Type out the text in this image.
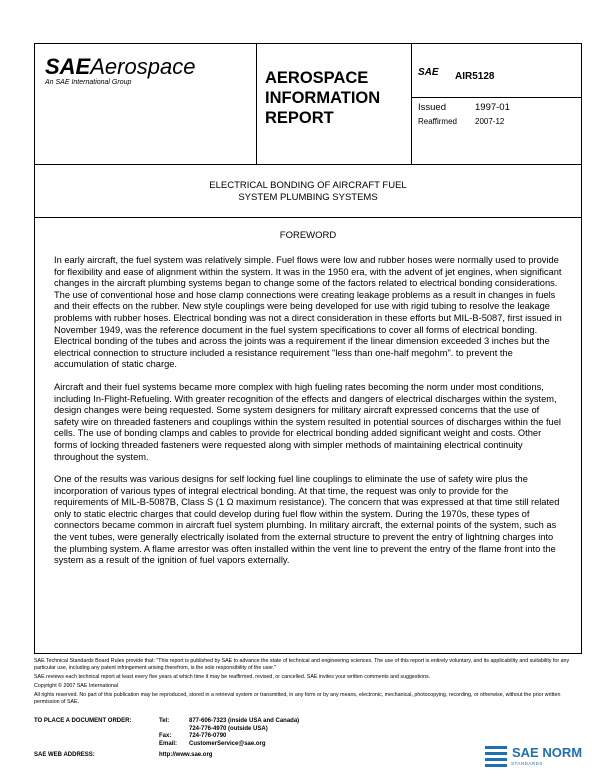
SAEAerospace
An SAE International Group	AEROSPACE
INFORMATION
REPORT
SAE AIR5128
Issued	1997-01
Reaffirmed 2007-12
ELECTRICAL BONDING OF AIRCRAFT FUEL
SYSTEM PLUMBING SYSTEMS
FOREWORD

In early aircraft, the fuel system was relatively simple. Fuel flows were low and rubber hoses were normally used to provide for flexibility and ease of alignment within the system. It was in the 1950 era, with the advent of jet engines, when significant changes in the aircraft plumbing systems began to change some of the factors related to electrical bonding considerations. The use of conventional hose and hose clamp connections were creating leakage problems as a result in changes in fuels and their effects on the rubber. New style couplings were being developed for use with rigid tubing to resolve the leakage problems with rubber hoses. Electrical bonding was not a direct consideration in these efforts but MIL-B-5087, first issued in November 1949, was the reference document in the fuel system specifications to cover all forms of electrical bonding. Electrical bonding of the tubes and across the joints was a requirement if the linear dimension exceeded 3 inches but the electrical connection to structure included a resistance requirement "less than one-half megohm". to prevent the accumulation of static charge.

Aircraft and their fuel systems became more complex with high fueling rates becoming the norm under most conditions, including In-Flight-Refueling. With greater recognition of the effects and dangers of electrical discharges within the system, design changes were being requested. Some system designers for military aircraft expressed concerns that the use of safety wire on threaded fasteners and couplings within the system resulted in potential sources of discharges within the fuel cells. The use of bonding clamps and cables to provide for electrical bonding added significant weight and costs. Other forms of locking threaded fasteners were requested along with simpler methods of maintaining electrical continuity throughout the system.

One of the results was various designs for self locking fuel line couplings to eliminate the use of safety wire plus the incorporation of various types of integral electrical bonding. At that time, the request was only to provide for the requirements of MIL-B-5087B, Class S (1 Ω maximum resistance). The concern that was expressed at that time still related only to static electric charges that could develop during fuel flow within the system. During the 1970s, these types of connectors became common in aircraft fuel system plumbing. In military aircraft, the external points of the system, such as the vent tubes, were generally electrically isolated from the external structure to prevent the entry of lightning charges into the plumbing system. A flame arrestor was often installed within the vent line to prevent the entry of the flame front into the system as a result of the ignition of fuel vapors externally.

SAE Technical Standards Board Rules provide that: "This report is published by SAE to advance the state of technical and engineering sciences. The use of this report is entirely voluntary, and its applicability and suitability for any particular use, including any patent infringement arising therefrom, is the sole responsibility of the user."

SAE reviews each technical report at least every five years at which time it may be reaffirmed, revised, or cancelled. SAE invites your written comments and suggestions.

Copyright © 2007 SAE International

All rights reserved. No part of this publication may be reproduced, stored in a retrieval system or transmitted, in any form or by any means, electronic, mechanical, photocopying, recording, or otherwise, without the prior written permission of SAE.

TO PLACE A DOCUMENT ORDER:	Tel:	877-606-7323 (inside USA and Canada)
		724-776-4970 (outside USA)
	Fax:	724-776-0790
	Email:	CustomerService@sae.org
SAE WEB ADDRESS:	http://www.sae.org	SAE NORM
STANDARDS
